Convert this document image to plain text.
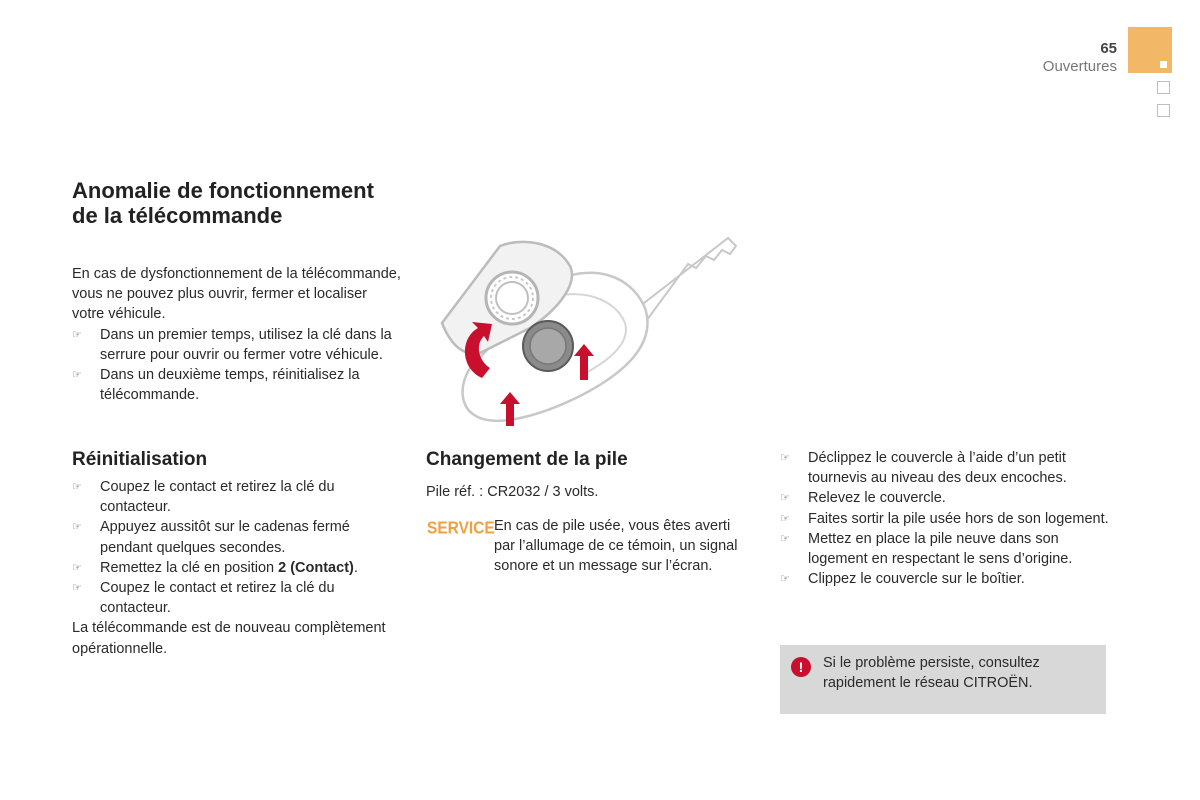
65
Ouvertures
Anomalie de fonctionnement de la télécommande

En cas de dysfonctionnement de la télécommande, vous ne pouvez plus ouvrir, fermer et localiser votre véhicule.

☞ Dans un premier temps, utilisez la clé dans la serrure pour ouvrir ou fermer votre véhicule.
☞ Dans un deuxième temps, réinitialisez la télécommande.
Réinitialisation
☞ Coupez le contact et retirez la clé du contacteur.
☞ Appuyez aussitôt sur le cadenas fermé pendant quelques secondes.
☞ Remettez la clé en position 2 (Contact).
☞ Coupez le contact et retirez la clé du contacteur.

La télécommande est de nouveau complètement opérationnelle.

Changement de la pile
Pile réf. : CR2032 / 3 volts.
SERVICE En cas de pile usée, vous êtes averti par l’allumage de ce témoin, un signal sonore et un message sur l’écran.
☞ Déclippez le couvercle à l’aide d’un petit tournevis au niveau des deux encoches.
☞ Relevez le couvercle.
☞ Faites sortir la pile usée hors de son logement.
☞ Mettez en place la pile neuve dans son logement en respectant le sens d’origine.
☞ Clippez le couvercle sur le boîtier.
!	Si le problème persiste, consultez rapidement le réseau CITROËN.
